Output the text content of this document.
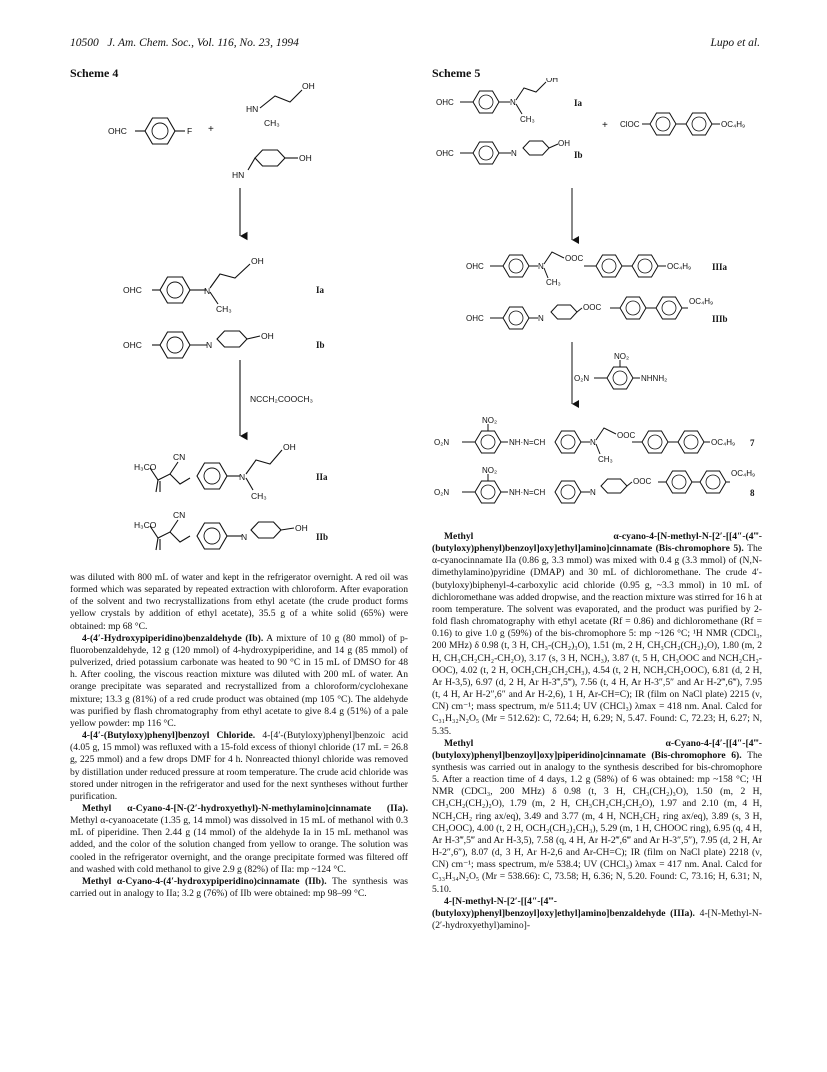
10500 J. Am. Chem. Soc., Vol. 116, No. 23, 1994	Lupo et al.
Scheme 4	Scheme 5
OHC	F
OH
HN
CH₃
HN
OH
+
OHC	N
OH
CH₃
Ia
OHC	N
OH
Ib
NCCH₂COOCH₃
H₃CO
CN
N
OH
CH₃
IIa
H₃CO
CN
N
OH
IIb
OHC	N
OH
CH₃
Ia
+ ClOC	OC₄H₉
OHC	N
OH
Ib
OHC	N
OOC
OC₄H₉
CH₃
IIIa
OHC	N
OOC
OC₄H₉
IIIb
NO₂
O₂N	NHNH₂
NO₂
O₂N	NH·N=CH	N
OOC
OC₄H₉
CH₃
7
NO₂
O₂N	NH·N=CH	N
OOC
OC₄H₉
8

was diluted with 800 mL of water and kept in the refrigerator overnight. A red oil was formed which was separated by repeated extraction with chloroform. After evaporation of the solvent and two recrystallizations from ethyl acetate (the crude product forms yellow crystals by addition of ethyl acetate), 35.5 g of a white solid (65%) were obtained: mp 68 °C.

4-(4′-Hydroxypiperidino)benzaldehyde (Ib). A mixture of 10 g (80 mmol) of p-fluorobenzaldehyde, 12 g (120 mmol) of 4-hydroxypiperidine, and 14 g (85 mmol) of pulverized, dried potassium carbonate was heated to 90 °C in 15 mL of DMSO for 48 h. After cooling, the viscous reaction mixture was diluted with 200 mL of water. An orange precipitate was separated and recrystallized from a chloroform/cyclohexane mixture; 13.3 g (81%) of a red crude product was obtained (mp 105 °C). The aldehyde was purified by flash chromatography from ethyl acetate to give 8.4 g (51%) of a pale yellow powder: mp 116 °C.

4-[4′-(Butyloxy)phenyl]benzoyl Chloride. 4-[4′-(Butyloxy)phenyl]benzoic acid (4.05 g, 15 mmol) was refluxed with a 15-fold excess of thionyl chloride (17 mL = 26.8 g, 225 mmol) and a few drops DMF for 4 h. Nonreacted thionyl chloride was removed by distillation under reduced pressure at room temperature. The crude acid chloride was stored under nitrogen in the refrigerator and used for the next syntheses without further purification.

Methyl α-Cyano-4-[N-(2′-hydroxyethyl)-N-methylamino]cinnamate (IIa). Methyl α-cyanoacetate (1.35 g, 14 mmol) was dissolved in 15 mL of methanol with 0.3 mL of piperidine. Then 2.44 g (14 mmol) of the aldehyde Ia in 15 mL methanol was added, and the color of the solution changed from yellow to orange. The solution was cooled in the refrigerator overnight, and the orange precipitate formed was filtered off and washed with cold methanol to give 2.9 g (82%) of IIa: mp ~124 °C.

Methyl α-Cyano-4-(4′-hydroxypiperidino)cinnamate (IIb). The synthesis was carried out in analogy to IIa; 3.2 g (76%) of IIb were obtained: mp 98–99 °C.

Methyl α-cyano-4-[N-methyl-N-[2′-[[4″-(4‴-(butyloxy)phenyl)benzoyl]oxy]ethyl]amino]cinnamate (Bis-chromophore 5). The α-cyanocinnamate IIa (0.86 g, 3.3 mmol) was mixed with 0.4 g (3.3 mmol) of (N,N-dimethylamino)pyridine (DMAP) and 30 mL of dichloromethane. The crude 4′-(butyloxy)biphenyl-4-carboxylic acid chloride (0.95 g, ~3.3 mmol) in 10 mL of dichloromethane was added dropwise, and the reaction mixture was stirred for 16 h at room temperature. The solvent was evaporated, and the product was purified by 2-fold flash chromatography with ethyl acetate (Rf = 0.86) and dichloromethane (Rf = 0.16) to give 1.0 g (59%) of the bis-chromophore 5: mp ~126 °C; ¹H NMR (CDCl₃, 200 MHz) δ 0.98 (t, 3 H, CH₃-(CH₂)₃O), 1.51 (m, 2 H, CH₃CH₂(CH₂)₂O), 1.80 (m, 2 H, CH₃CH₂CH₂-CH₂O), 3.17 (s, 3 H, NCH₃), 3.87 (t, 5 H, CH₃OOC and NCH₂CH₂-OOC), 4.02 (t, 2 H, OCH₂CH₂CH₂CH₃), 4.54 (t, 2 H, NCH₂CH₂OOC), 6.81 (d, 2 H, Ar H-3,5), 6.97 (d, 2 H, Ar H-3‴,5‴), 7.56 (t, 4 H, Ar H-3″,5″ and Ar H-2‴,6‴), 7.95 (t, 4 H, Ar H-2″,6″ and Ar H-2,6), 1 H, Ar-CH=C); IR (film on NaCl plate) 2215 (ν, CN) cm⁻¹; mass spectrum, m/e 511.4; UV (CHCl₃) λmax = 418 nm. Anal. Calcd for C₃₁H₃₂N₂O₅ (Mr = 512.62): C, 72.64; H, 6.29; N, 5.47. Found: C, 72.23; H, 6.27; N, 5.35.

Methyl α-Cyano-4-[4′-[[4″-[4‴-(butyloxy)phenyl]benzoyl]oxy]piperidino]cinnamate (Bis-chromophore 6). The synthesis was carried out in analogy to the synthesis described for bis-chromophore 5. After a reaction time of 4 days, 1.2 g (58%) of 6 was obtained: mp ~158 °C; ¹H NMR (CDCl₃, 200 MHz) δ 0.98 (t, 3 H, CH₃(CH₂)₃O), 1.50 (m, 2 H, CH₃CH₂(CH₂)₂O), 1.79 (m, 2 H, CH₃CH₂CH₂CH₂O), 1.97 and 2.10 (m, 4 H, NCH₂CH₂ ring ax/eq), 3.49 and 3.77 (m, 4 H, NCH₂CH₂ ring ax/eq), 3.89 (s, 3 H, CH₃OOC), 4.00 (t, 2 H, OCH₂(CH₂)₂CH₃), 5.29 (m, 1 H, CHOOC ring), 6.95 (q, 4 H, Ar H-3‴,5‴ and Ar H-3,5), 7.58 (q, 4 H, Ar H-2‴,6‴ and Ar H-3″,5″), 7.95 (d, 2 H, Ar H-2″,6″), 8.07 (d, 3 H, Ar H-2,6 and Ar-CH=C); IR (film on NaCl plate) 2218 (ν, CN) cm⁻¹; mass spectrum, m/e 538.4; UV (CHCl₃) λmax = 417 nm. Anal. Calcd for C₃₃H₃₄N₂O₅ (Mr = 538.66): C, 73.58; H, 6.36; N, 5.20. Found: C, 73.16; H, 6.31; N, 5.10.

4-[N-methyl-N-[2′-[[4″-[4‴-(butyloxy)phenyl]benzoyl]oxy]ethyl]amino]benzaldehyde (IIIa). 4-[N-Methyl-N-(2′-hydroxyethyl)amino]-
